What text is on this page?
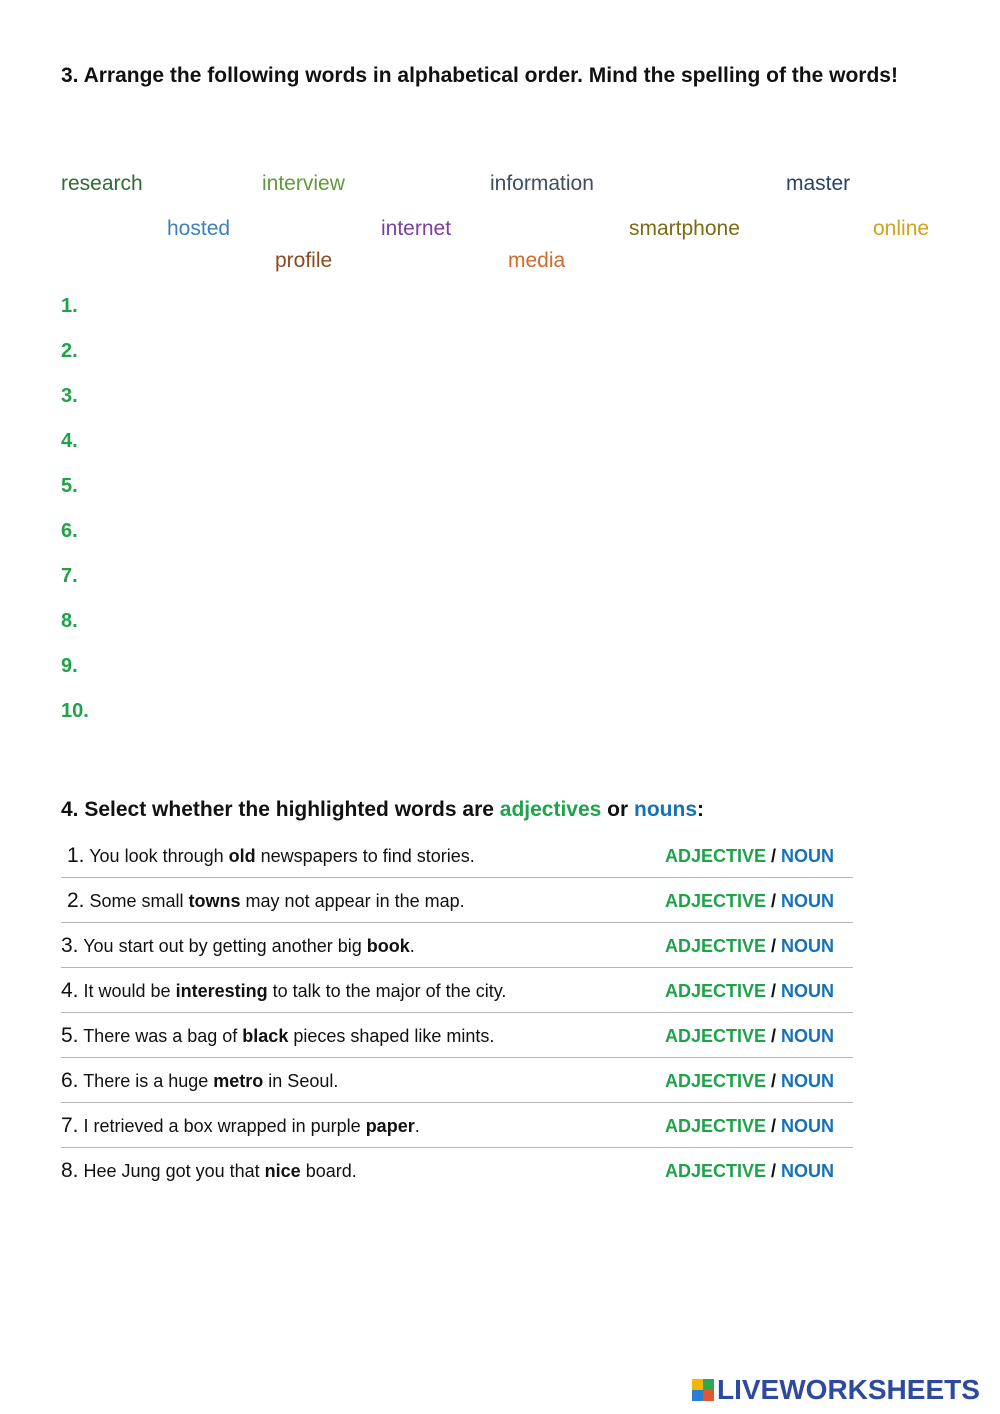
3. Arrange the following words in alphabetical order. Mind the spelling of the words!
research	interview	information	master
hosted	internet	smartphone	online
profile	media
1.
2.
3.
4.
5.
6.
7.
8.
9.
10.
4. Select whether the highlighted words are adjectives or nouns:
1. You look through old newspapers to find stories.	ADJECTIVE / NOUN
2. Some small towns may not appear in the map.	ADJECTIVE / NOUN
3. You start out by getting another big book.	ADJECTIVE / NOUN
4. It would be interesting to talk to the major of the city.	ADJECTIVE / NOUN
5. There was a bag of black pieces shaped like mints.	ADJECTIVE / NOUN
6. There is a huge metro in Seoul.	ADJECTIVE / NOUN
7. I retrieved a box wrapped in purple paper.	ADJECTIVE / NOUN
8. Hee Jung got you that nice board.	ADJECTIVE / NOUN
LIVEWORKSHEETS
